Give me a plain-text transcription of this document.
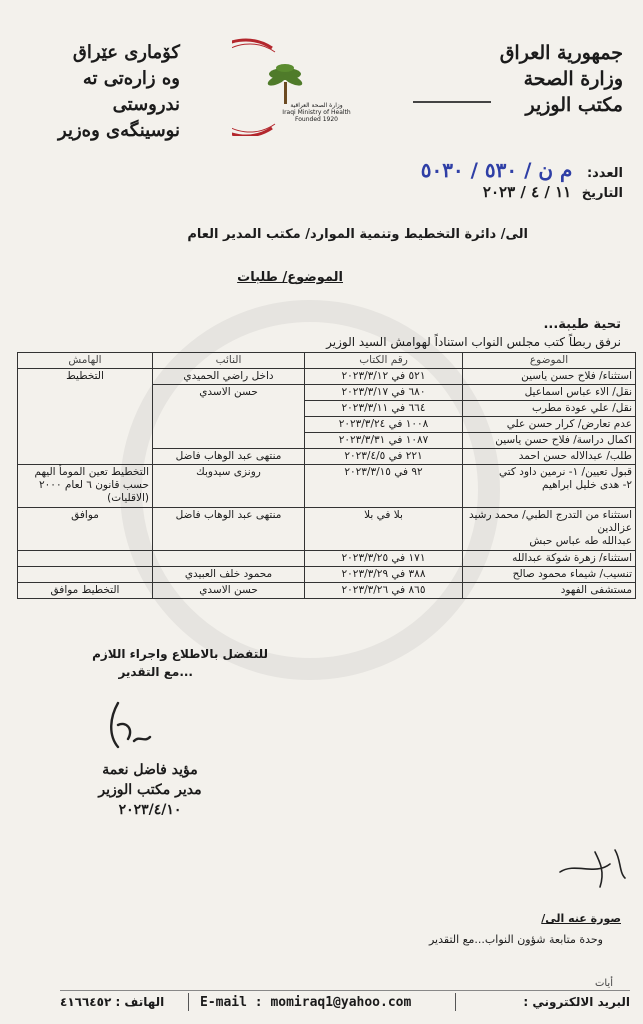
جمهورية العراق
وزارة الصحة
مكتب الوزير
كۆمارى عێراق
وه زارەتى تە ندروستى
نوسینگەی وەزیر
وزارة الصحة العراقية
Iraqi Ministry of Health
Founded 1920
العدد: م ن / ٥٣٠ / ٥٠٣٠
التاريخ ١١ / ٤ / ٢٠٢٣
الى/ دائرة التخطيط وتنمية الموارد/ مكتب المدير العام
الموضوع/ طلبات
تحية طيبة...
نرفق ربطاً كتب مجلس النواب استناداً لهوامش السيد الوزير
الموضوع	رقم الكتاب	النائب	الهامش
استثناء/ فلاح حسن ياسين	٥٢١ في ٢٠٢٣/٣/١٢	داخل راضي الحميدي	التخطيط
نقل/ الاء عباس اسماعيل	٦٨٠ في ٢٠٢٣/٣/١٧	حسن الاسدي	
نقل/ علي عودة مطرب	٦٦٤ في ٢٠٢٣/٣/١١		
عدم تعارض/ كرار حسن علي	١٠٠٨ في ٢٠٢٣/٣/٢٤		
اكمال دراسة/ فلاح حسن ياسين	١٠٨٧ في ٢٠٢٣/٣/٣١		
طلب/ عبدالاله حسن احمد	٢٢١ في ٢٠٢٣/٤/٥	منتهى عبد الوهاب فاضل	
قبول تعيين/ ١- نرمين داود كتي
٢- هدى خليل ابراهيم	٩٢ في ٢٠٢٣/٣/١٥	رونزى سيدوبك	التخطيط تعين المومأ اليهم حسب قانون ٦ لعام ٢٠٠٠ (الاقليات)
استثناء من التدرج الطبي/ محمد رشيد عزالدين
عبدالله طه عباس حبش	بلا في بلا	منتهى عبد الوهاب فاضل	موافق
استثناء/ زهرة شوكة عبدالله	١٧١ في ٢٠٢٣/٣/٢٥		
تنسيب/ شيماء محمود صالح	٣٨٨ في ٢٠٢٣/٣/٢٩	محمود خلف العبيدي	
مستشفى الفهود	٨٦٥ في ٢٠٢٣/٣/٢٦	حسن الاسدي	التخطيط موافق
للتفضل بالاطلاع واجراء اللازم
...مع التقدير
مؤيد فاضل نعمة
مدير مكتب الوزير
٢٠٢٣/٤/١٠
صورة عنه الى/
وحدة متابعة شؤون النواب...مع التقدير
أيات
البريد الالكتروني :
E-mail : momiraq1@yahoo.com
الهاتف : ٤١٦٦٤٥٢
